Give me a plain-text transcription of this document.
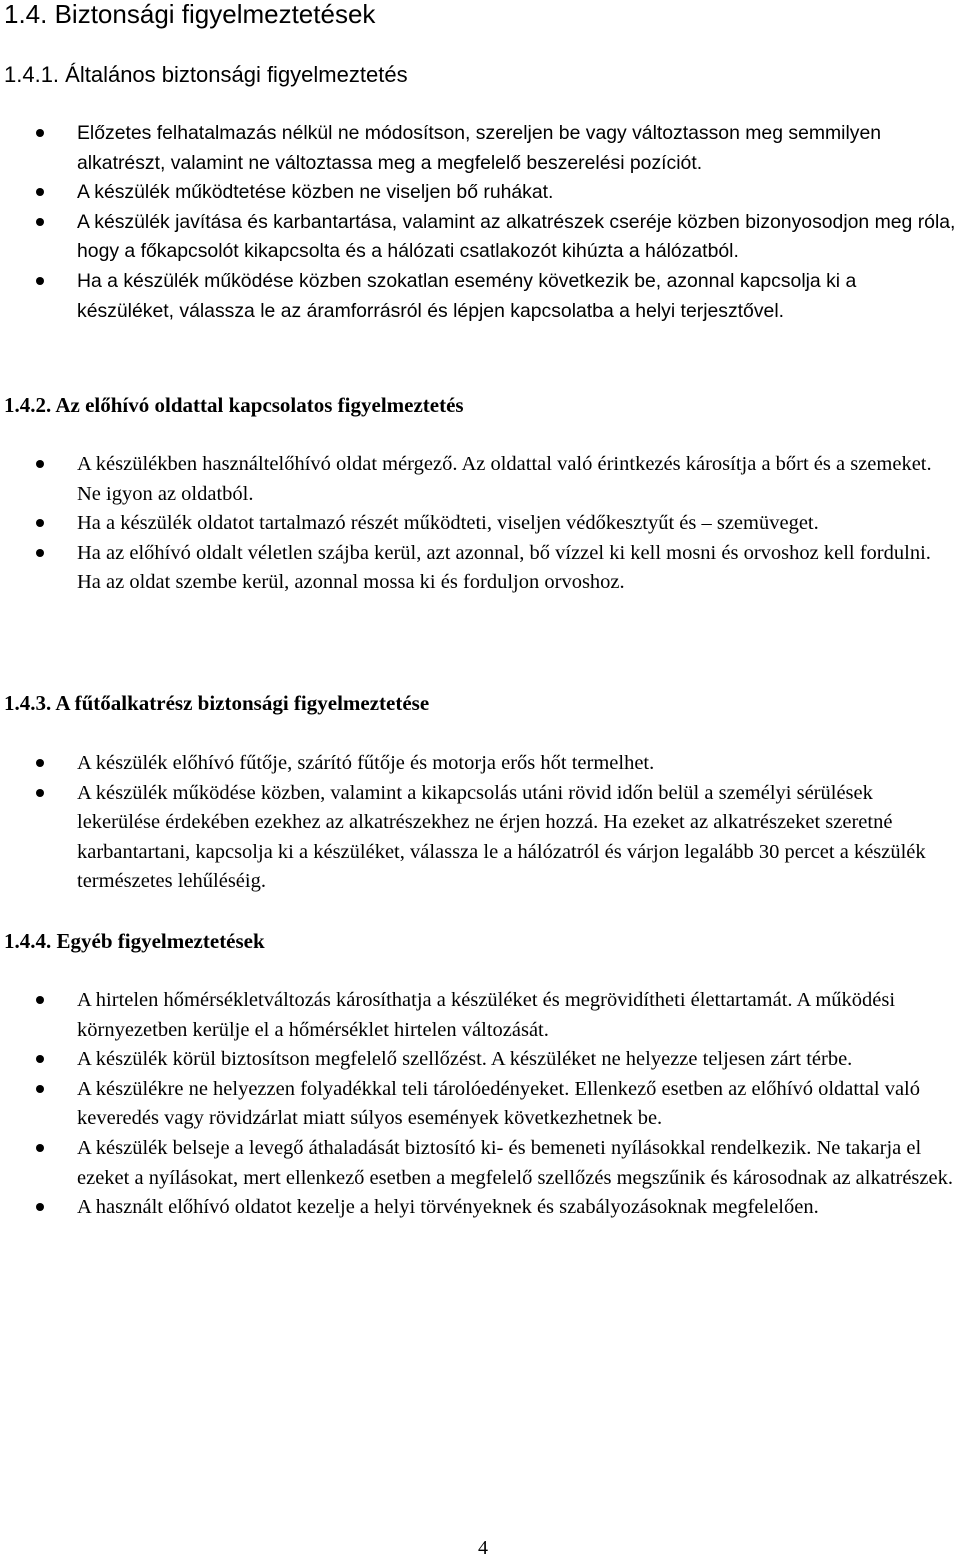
1.4. Biztonsági figyelmeztetések
1.4.1. Általános biztonsági figyelmeztetés
Előzetes felhatalmazás nélkül ne módosítson, szereljen be vagy változtasson meg semmilyen alkatrészt, valamint ne változtassa meg a megfelelő beszerelési pozíciót.
A készülék működtetése közben ne viseljen bő ruhákat.
A készülék javítása és karbantartása, valamint az alkatrészek cseréje közben bizonyosodjon meg róla, hogy a főkapcsolót kikapcsolta és a hálózati csatlakozót kihúzta a hálózatból.
Ha a készülék működése közben szokatlan esemény következik be, azonnal kapcsolja ki a készüléket, válassza le az áramforrásról és lépjen kapcsolatba a helyi terjesztővel.
1.4.2. Az előhívó oldattal kapcsolatos figyelmeztetés
A készülékben használtelőhívó oldat mérgező. Az oldattal való érintkezés károsítja a bőrt és a szemeket. Ne igyon az oldatból.
Ha a készülék oldatot tartalmazó részét működteti, viseljen védőkesztyűt és – szemüveget.
Ha az előhívó oldalt véletlen szájba kerül, azt azonnal, bő vízzel ki kell mosni és orvoshoz kell fordulni. Ha az oldat szembe kerül, azonnal mossa ki és forduljon orvoshoz.
1.4.3. A fűtőalkatrész biztonsági figyelmeztetése
A készülék előhívó fűtője, szárító fűtője és motorja erős hőt termelhet.
A készülék működése közben, valamint a kikapcsolás utáni rövid időn belül a személyi sérülések lekerülése érdekében ezekhez az alkatrészekhez ne érjen hozzá. Ha ezeket az alkatrészeket szeretné karbantartani, kapcsolja ki a készüléket, válassza le a hálózatról és várjon legalább 30 percet a készülék természetes lehűléséig.
1.4.4. Egyéb figyelmeztetések
A hirtelen hőmérsékletváltozás károsíthatja a készüléket és megrövidítheti élettartamát. A működési környezetben kerülje el a hőmérséklet hirtelen változását.
A készülék körül biztosítson megfelelő szellőzést. A készüléket ne helyezze teljesen zárt térbe.
A készülékre ne helyezzen folyadékkal teli tárolóedényeket. Ellenkező esetben az előhívó oldattal való keveredés vagy rövidzárlat miatt súlyos események következhetnek be.
A készülék belseje a levegő áthaladását biztosító ki- és bemeneti nyílásokkal rendelkezik. Ne takarja el ezeket a nyílásokat, mert ellenkező esetben a megfelelő szellőzés megszűnik és károsodnak az alkatrészek.
A használt előhívó oldatot kezelje a helyi törvényeknek és szabályozásoknak megfelelően.
4
